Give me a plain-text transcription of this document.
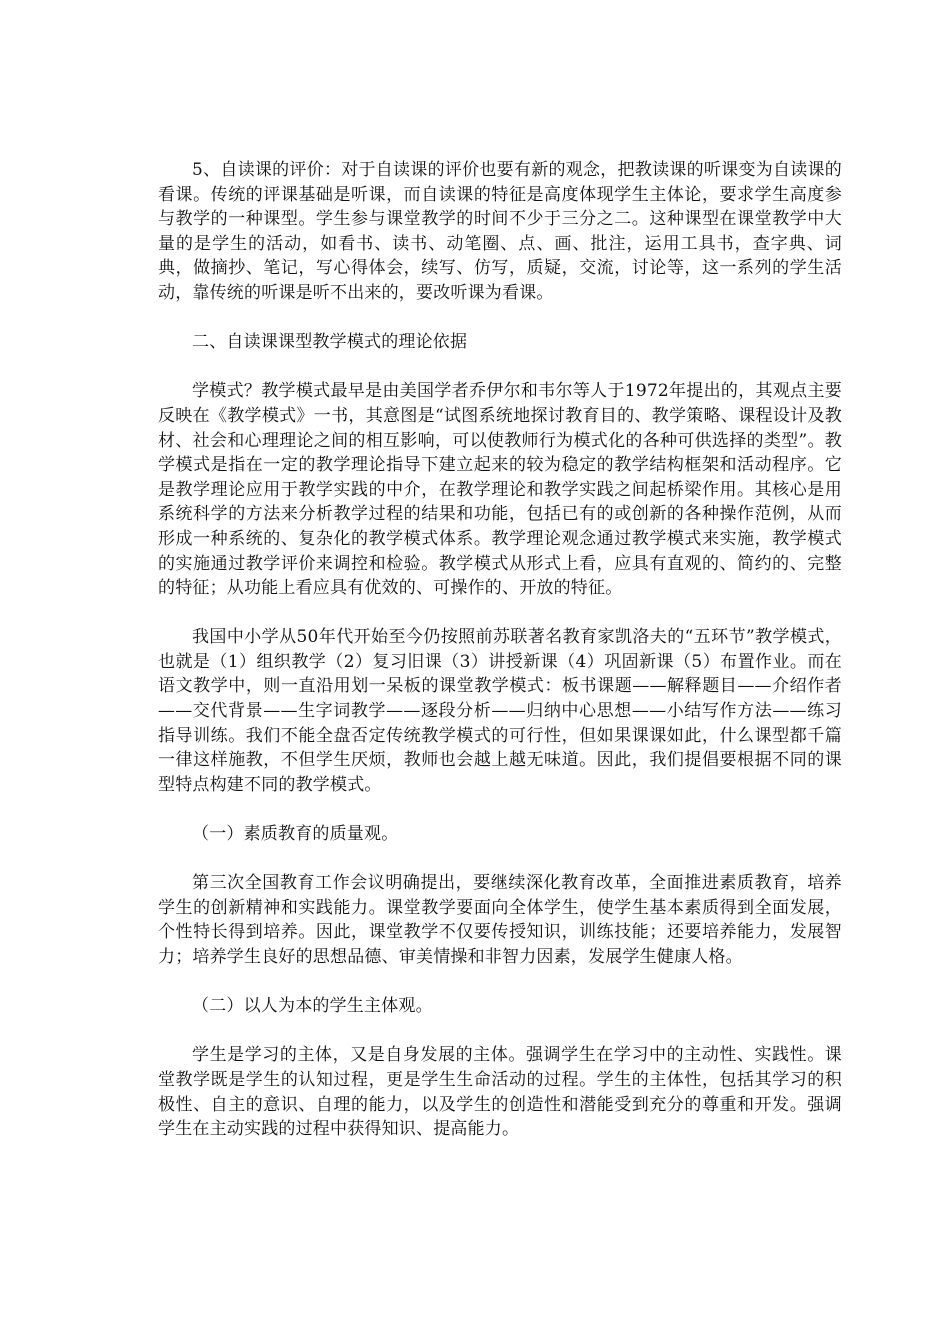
5、自读课的评价：对于自读课的评价也要有新的观念，把教读课的听课变为自读课的看课。传统的评课基础是听课，而自读课的特征是高度体现学生主体论，要求学生高度参与教学的一种课型。学生参与课堂教学的时间不少于三分之二。这种课型在课堂教学中大量的是学生的活动，如看书、读书、动笔圈、点、画、批注，运用工具书，查字典、词典，做摘抄、笔记，写心得体会，续写、仿写，质疑，交流，讨论等，这一系列的学生活动，靠传统的听课是听不出来的，要改听课为看课。

二、自读课课型教学模式的理论依据

学模式？教学模式最早是由美国学者乔伊尔和韦尔等人于1972年提出的，其观点主要反映在《教学模式》一书，其意图是“试图系统地探讨教育目的、教学策略、课程设计及教材、社会和心理理论之间的相互影响，可以使教师行为模式化的各种可供选择的类型”。教学模式是指在一定的教学理论指导下建立起来的较为稳定的教学结构框架和活动程序。它是教学理论应用于教学实践的中介，在教学理论和教学实践之间起桥梁作用。其核心是用系统科学的方法来分析教学过程的结果和功能，包括已有的或创新的各种操作范例，从而形成一种系统的、复杂化的教学模式体系。教学理论观念通过教学模式来实施，教学模式的实施通过教学评价来调控和检验。教学模式从形式上看，应具有直观的、简约的、完整的特征；从功能上看应具有优效的、可操作的、开放的特征。

我国中小学从50年代开始至今仍按照前苏联著名教育家凯洛夫的“五环节”教学模式，也就是（1）组织教学（2）复习旧课（3）讲授新课（4）巩固新课（5）布置作业。而在语文教学中，则一直沿用划一呆板的课堂教学模式：板书课题——解释题目——介绍作者——交代背景——生字词教学——逐段分析——归纳中心思想——小结写作方法——练习指导训练。我们不能全盘否定传统教学模式的可行性，但如果课课如此，什么课型都千篇一律这样施教，不但学生厌烦，教师也会越上越无味道。因此，我们提倡要根据不同的课型特点构建不同的教学模式。

（一）素质教育的质量观。

第三次全国教育工作会议明确提出，要继续深化教育改革，全面推进素质教育，培养学生的创新精神和实践能力。课堂教学要面向全体学生，使学生基本素质得到全面发展，个性特长得到培养。因此，课堂教学不仅要传授知识，训练技能；还要培养能力，发展智力；培养学生良好的思想品德、审美情操和非智力因素，发展学生健康人格。

（二）以人为本的学生主体观。

学生是学习的主体，又是自身发展的主体。强调学生在学习中的主动性、实践性。课堂教学既是学生的认知过程，更是学生生命活动的过程。学生的主体性，包括其学习的积极性、自主的意识、自理的能力，以及学生的创造性和潜能受到充分的尊重和开发。强调学生在主动实践的过程中获得知识、提高能力。
